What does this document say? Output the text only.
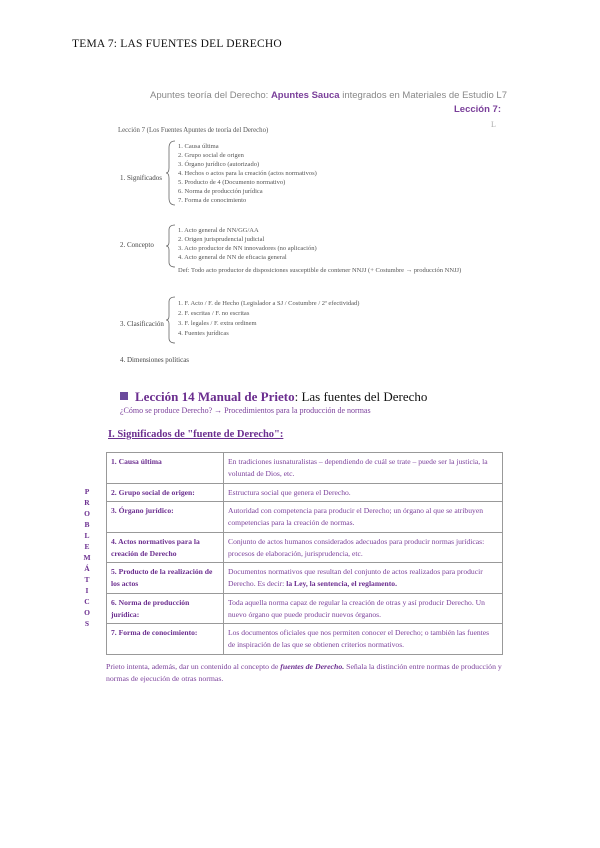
TEMA 7: LAS FUENTES DEL DERECHO
Apuntes teoría del Derecho: Apuntes Sauca integrados en Materiales de Estudio L7
Lección 7:
L
Lección 7 (Los Fuentes Apuntes de teoría del Derecho)
1. Significados
1. Causa última
2. Grupo social de origen
3. Órgano jurídico (autorizado)
4. Hechos o actos para la creación (actos normativos)
5. Producto de 4 (Documento normativo)
6. Norma de producción jurídica
7. Forma de conocimiento
2. Concepto
1. Acto general de NN/GG/AA
2. Origen jurisprudencial judicial
3. Acto productor de NN innovadores (no aplicación)
4. Acto general de NN de eficacia general
Def: Todo acto productor de disposiciones susceptible de contener NNJJ (+ Costumbre → producción NNJJ)
3. Clasificación
1. F. Acto / F. de Hecho (Legislador a SJ / Costumbre / 2ª efectividad)
2. F. escritas / F. no escritas
3. F. legales / F. extra ordinem
4. Fuentes jurídicas
4. Dimensiones políticas
Lección 14 Manual de Prieto: Las fuentes del Derecho
¿Cómo se produce Derecho? → Procedimientos para la producción de normas
I. Significados de "fuente de Derecho":
P
R
O
B
L
E
M
Á
T
I
C
O
S
1. Causa última	En tradiciones iusnaturalistas – dependiendo de cuál se trate – puede ser la justicia, la voluntad de Dios, etc.
2. Grupo social de origen:	Estructura social que genera el Derecho.
3. Órgano jurídico:	Autoridad con competencia para producir el Derecho; un órgano al que se atribuyen competencias para la creación de normas.
4. Actos normativos para la creación de Derecho	Conjunto de actos humanos considerados adecuados para producir normas jurídicas: procesos de elaboración, jurisprudencia, etc.
5. Producto de la realización de los actos	Documentos normativos que resultan del conjunto de actos realizados para producir Derecho. Es decir: la Ley, la sentencia, el reglamento.
6. Norma de producción jurídica:	Toda aquella norma capaz de regular la creación de otras y así producir Derecho. Un nuevo órgano que puede producir nuevos órganos.
7. Forma de conocimiento:	Los documentos oficiales que nos permiten conocer el Derecho; o también las fuentes de inspiración de las que se obtienen criterios normativos.
Prieto intenta, además, dar un contenido al concepto de fuentes de Derecho. Señala la distinción entre normas de producción y normas de ejecución de otras normas.
